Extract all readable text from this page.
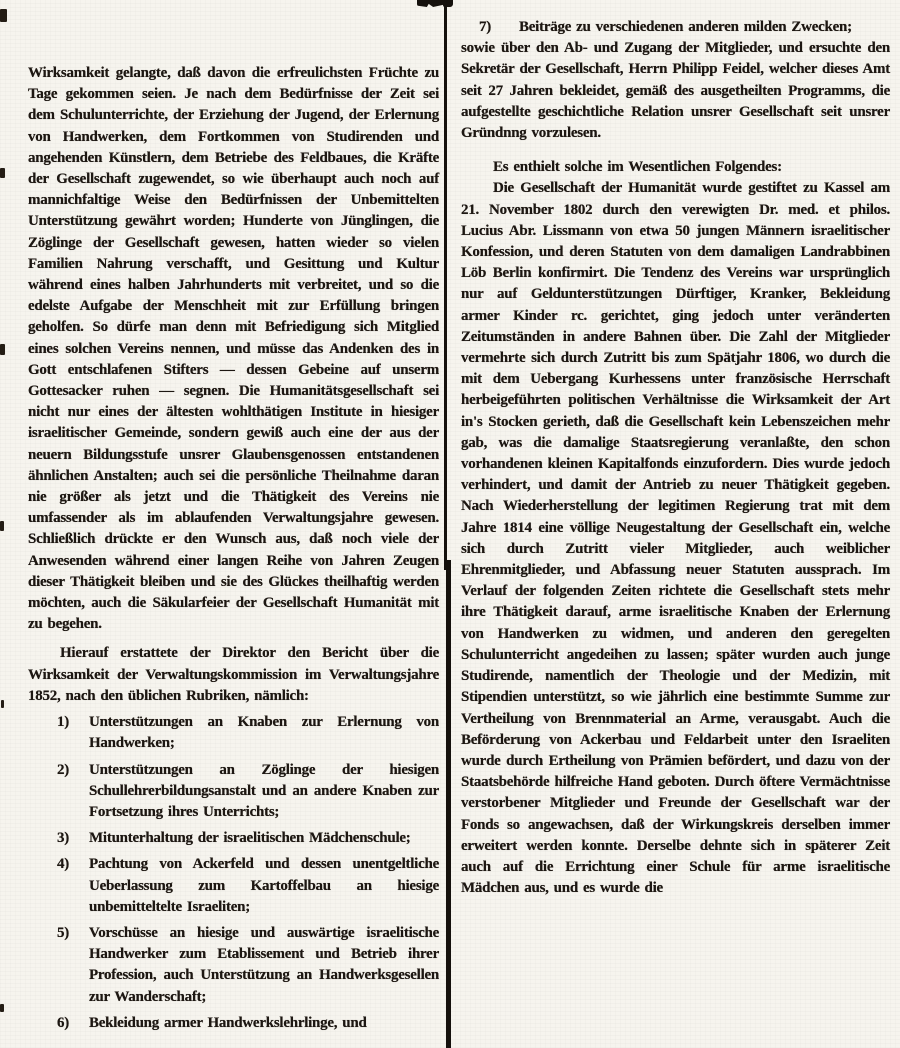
Wirksamkeit gelangte, daß davon die erfreulichsten Früchte zu Tage gekommen seien. Je nach dem Bedürfnisse der Zeit sei dem Schulunterrichte, der Erziehung der Jugend, der Erlernung von Handwerken, dem Fortkommen von Studirenden und angehenden Künstlern, dem Betriebe des Feldbaues, die Kräfte der Gesellschaft zugewendet, so wie überhaupt auch noch auf mannichfaltige Weise den Bedürfnissen der Unbemittelten Unterstützung gewährt worden; Hunderte von Jünglingen, die Zöglinge der Gesellschaft gewesen, hatten wieder so vielen Familien Nahrung verschafft, und Gesittung und Kultur während eines halben Jahrhunderts mit verbreitet, und so die edelste Aufgabe der Menschheit mit zur Erfüllung bringen geholfen. So dürfe man denn mit Befriedigung sich Mitglied eines solchen Vereins nennen, und müsse das Andenken des in Gott entschlafenen Stifters — dessen Gebeine auf unserm Gottesacker ruhen — segnen. Die Humanitätsgesellschaft sei nicht nur eines der ältesten wohlthätigen Institute in hiesiger israelitischer Gemeinde, sondern gewiß auch eine der aus der neuern Bildungsstufe unsrer Glaubensgenossen entstandenen ähnlichen Anstalten; auch sei die persönliche Theilnahme daran nie größer als jetzt und die Thätigkeit des Vereins nie umfassender als im ablaufenden Verwaltungsjahre gewesen. Schließlich drückte er den Wunsch aus, daß noch viele der Anwesenden während einer langen Reihe von Jahren Zeugen dieser Thätigkeit bleiben und sie des Glückes theilhaftig werden möchten, auch die Säkularfeier der Gesellschaft Humanität mit zu begehen.

Hierauf erstattete der Direktor den Bericht über die Wirksamkeit der Verwaltungskommission im Verwaltungsjahre 1852, nach den üblichen Rubriken, nämlich:

1) Unterstützungen an Knaben zur Erlernung von Handwerken;
2) Unterstützungen an Zöglinge der hiesigen Schullehrerbildungsanstalt und an andere Knaben zur Fortsetzung ihres Unterrichts;
3) Mitunterhaltung der israelitischen Mädchenschule;
4) Pachtung von Ackerfeld und dessen unentgeltliche Ueberlassung zum Kartoffelbau an hiesige unbemitteltelte Israeliten;
5) Vorschüsse an hiesige und auswärtige israelitische Handwerker zum Etablissement und Betrieb ihrer Profession, auch Unterstützung an Handwerksgesellen zur Wanderschaft;
6) Bekleidung armer Handwerkslehrlinge, und
7) Beiträge zu verschiedenen anderen milden Zwecken;

sowie über den Ab- und Zugang der Mitglieder, und ersuchte den Sekretär der Gesellschaft, Herrn Philipp Feidel, welcher dieses Amt seit 27 Jahren bekleidet, gemäß des ausgetheilten Programms, die aufgestellte geschichtliche Relation unsrer Gesellschaft seit unsrer Gründnng vorzulesen.

Es enthielt solche im Wesentlichen Folgendes:

Die Gesellschaft der Humanität wurde gestiftet zu Kassel am 21. November 1802 durch den verewigten Dr. med. et philos. Lucius Abr. Lissmann von etwa 50 jungen Männern israelitischer Konfession, und deren Statuten von dem damaligen Landrabbinen Löb Berlin konfirmirt. Die Tendenz des Vereins war ursprünglich nur auf Geldunterstützungen Dürftiger, Kranker, Bekleidung armer Kinder rc. gerichtet, ging jedoch unter veränderten Zeitumständen in andere Bahnen über. Die Zahl der Mitglieder vermehrte sich durch Zutritt bis zum Spätjahr 1806, wo durch die mit dem Uebergang Kurhessens unter französische Herrschaft herbeigeführten politischen Verhältnisse die Wirksamkeit der Art in's Stocken gerieth, daß die Gesellschaft kein Lebenszeichen mehr gab, was die damalige Staatsregierung veranlaßte, den schon vorhandenen kleinen Kapitalfonds einzufordern. Dies wurde jedoch verhindert, und damit der Antrieb zu neuer Thätigkeit gegeben. Nach Wiederherstellung der legitimen Regierung trat mit dem Jahre 1814 eine völlige Neugestaltung der Gesellschaft ein, welche sich durch Zutritt vieler Mitglieder, auch weiblicher Ehrenmitglieder, und Abfassung neuer Statuten aussprach. Im Verlauf der folgenden Zeiten richtete die Gesellschaft stets mehr ihre Thätigkeit darauf, arme israelitische Knaben der Erlernung von Handwerken zu widmen, und anderen den geregelten Schulunterricht angedeihen zu lassen; später wurden auch junge Studirende, namentlich der Theologie und der Medizin, mit Stipendien unterstützt, so wie jährlich eine bestimmte Summe zur Vertheilung von Brennmaterial an Arme, verausgabt. Auch die Beförderung von Ackerbau und Feldarbeit unter den Israeliten wurde durch Ertheilung von Prämien befördert, und dazu von der Staatsbehörde hilfreiche Hand geboten. Durch öftere Vermächtnisse verstorbener Mitglieder und Freunde der Gesellschaft war der Fonds so angewachsen, daß der Wirkungskreis derselben immer erweitert werden konnte. Derselbe dehnte sich in späterer Zeit auch auf die Errichtung einer Schule für arme israelitische Mädchen aus, und es wurde die
